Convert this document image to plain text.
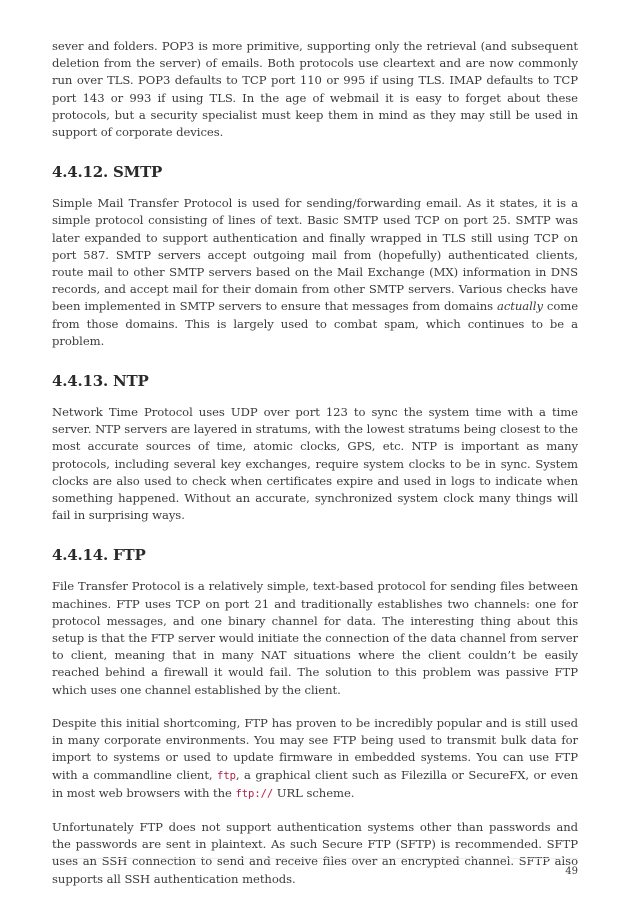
sever and folders. POP3 is more primitive, supporting only the retrieval (and subsequent deletion from the server) of emails. Both protocols use cleartext and are now commonly run over TLS. POP3 defaults to TCP port 110 or 995 if using TLS. IMAP defaults to TCP port 143 or 993 if using TLS. In the age of webmail it is easy to forget about these protocols, but a security specialist must keep them in mind as they may still be used in support of corporate devices.

4.4.12. SMTP

Simple Mail Transfer Protocol is used for sending/forwarding email. As it states, it is a simple protocol consisting of lines of text. Basic SMTP used TCP on port 25. SMTP was later expanded to support authentication and finally wrapped in TLS still using TCP on port 587. SMTP servers accept outgoing mail from (hopefully) authenticated clients, route mail to other SMTP servers based on the Mail Exchange (MX) information in DNS records, and accept mail for their domain from other SMTP servers. Various checks have been implemented in SMTP servers to ensure that messages from domains actually come from those domains. This is largely used to combat spam, which continues to be a problem.

4.4.13. NTP

Network Time Protocol uses UDP over port 123 to sync the system time with a time server. NTP servers are layered in stratums, with the lowest stratums being closest to the most accurate sources of time, atomic clocks, GPS, etc. NTP is important as many protocols, including several key exchanges, require system clocks to be in sync. System clocks are also used to check when certificates expire and used in logs to indicate when something happened. Without an accurate, synchronized system clock many things will fail in surprising ways.

4.4.14. FTP

File Transfer Protocol is a relatively simple, text-based protocol for sending files between machines. FTP uses TCP on port 21 and traditionally establishes two channels: one for protocol messages, and one binary channel for data. The interesting thing about this setup is that the FTP server would initiate the connection of the data channel from server to client, meaning that in many NAT situations where the client couldn’t be easily reached behind a firewall it would fail. The solution to this problem was passive FTP which uses one channel established by the client.

Despite this initial shortcoming, FTP has proven to be incredibly popular and is still used in many corporate environments. You may see FTP being used to transmit bulk data for import to systems or used to update firmware in embedded systems. You can use FTP with a commandline client, ftp, a graphical client such as Filezilla or SecureFX, or even in most web browsers with the ftp:// URL scheme.

Unfortunately FTP does not support authentication systems other than passwords and the passwords are sent in plaintext. As such Secure FTP (SFTP) is recommended. SFTP uses an SSH connection to send and receive files over an encrypted channel. SFTP also supports all SSH authentication methods.

49
